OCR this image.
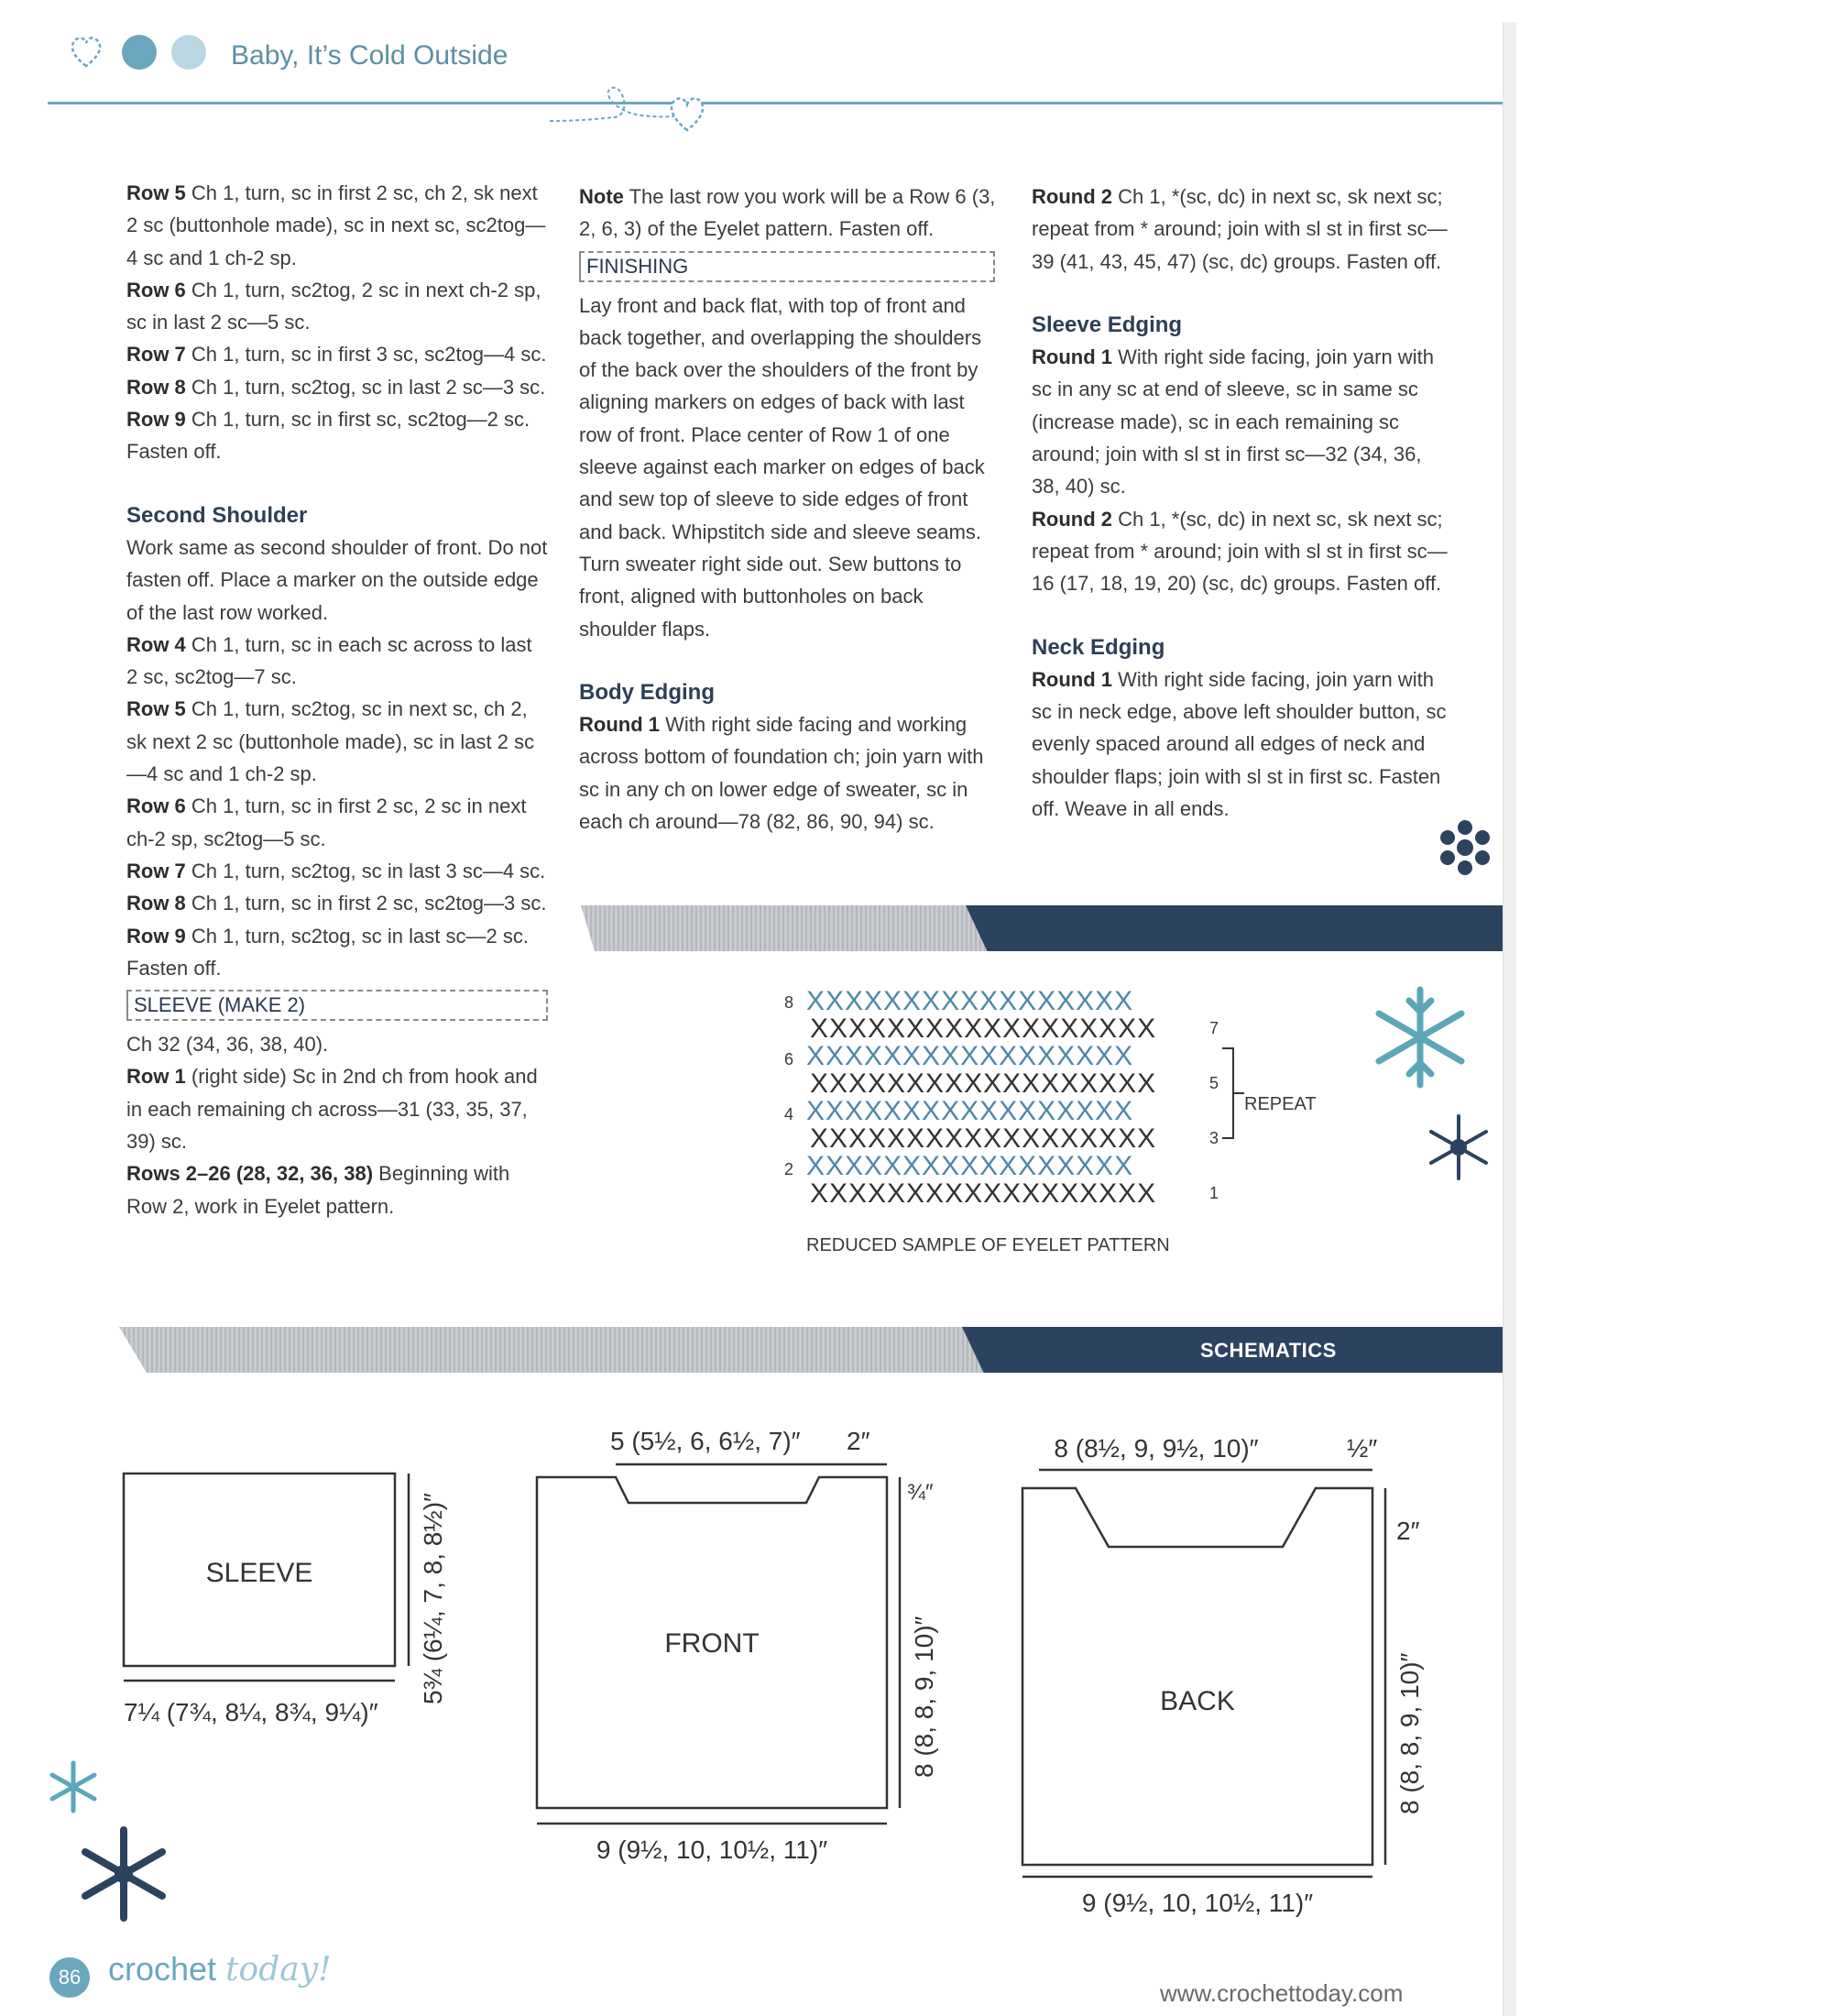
Baby, It’s Cold Outside

Row 5 Ch 1, turn, sc in first 2 sc, ch 2, sk next 2 sc (buttonhole made), sc in next sc, sc2tog—4 sc and 1 ch-2 sp.

Row 6 Ch 1, turn, sc2tog, 2 sc in next ch-2 sp, sc in last 2 sc—5 sc.

Row 7 Ch 1, turn, sc in first 3 sc, sc2tog—4 sc.

Row 8 Ch 1, turn, sc2tog, sc in last 2 sc—3 sc.

Row 9 Ch 1, turn, sc in first sc, sc2tog—2 sc. Fasten off.

Second Shoulder

Work same as second shoulder of front. Do not fasten off. Place a marker on the outside edge of the last row worked.

Row 4 Ch 1, turn, sc in each sc across to last 2 sc, sc2tog—7 sc.

Row 5 Ch 1, turn, sc2tog, sc in next sc, ch 2, sk next 2 sc (buttonhole made), sc in last 2 sc—4 sc and 1 ch-2 sp.

Row 6 Ch 1, turn, sc in first 2 sc, 2 sc in next ch-2 sp, sc2tog—5 sc.

Row 7 Ch 1, turn, sc2tog, sc in last 3 sc—4 sc.

Row 8 Ch 1, turn, sc in first 2 sc, sc2tog—3 sc.

Row 9 Ch 1, turn, sc2tog, sc in last sc—2 sc. Fasten off.

SLEEVE (MAKE 2)

Ch 32 (34, 36, 38, 40).

Row 1 (right side) Sc in 2nd ch from hook and in each remaining ch across—31 (33, 35, 37, 39) sc.

Rows 2–26 (28, 32, 36, 38) Beginning with Row 2, work in Eyelet pattern.

Note The last row you work will be a Row 6 (3, 2, 6, 3) of the Eyelet pattern. Fasten off.

FINISHING

Lay front and back flat, with top of front and back together, and overlapping the shoulders of the back over the shoulders of the front by aligning markers on edges of back with last row of front. Place center of Row 1 of one sleeve against each marker on edges of back and sew top of sleeve to side edges of front and back. Whipstitch side and sleeve seams. Turn sweater right side out. Sew buttons to front, aligned with buttonholes on back shoulder flaps.

Body Edging

Round 1 With right side facing and working across bottom of foundation ch; join yarn with sc in any ch on lower edge of sweater, sc in each ch around—78 (82, 86, 90, 94) sc.

Round 2 Ch 1, *(sc, dc) in next sc, sk next sc; repeat from * around; join with sl st in first sc—39 (41, 43, 45, 47) (sc, dc) groups. Fasten off.

Sleeve Edging

Round 1 With right side facing, join yarn with sc in any sc at end of sleeve, sc in same sc (increase made), sc in each remaining sc around; join with sl st in first sc—32 (34, 36, 38, 40) sc.

Round 2 Ch 1, *(sc, dc) in next sc, sk next sc; repeat from * around; join with sl st in first sc—16 (17, 18, 19, 20) (sc, dc) groups. Fasten off.

Neck Edging

Round 1 With right side facing, join yarn with sc in neck edge, above left shoulder button, sc evenly spaced around all edges of neck and shoulder flaps; join with sl st in first sc. Fasten off. Weave in all ends.

STITCH DIAGRAM
8 XXXXXXXXXXXXXXXXX
XXXXXXXXXXXXXXXXXX	7
6 XXXXXXXXXXXXXXXXX
XXXXXXXXXXXXXXXXXX	5
4 XXXXXXXXXXXXXXXXX
XXXXXXXXXXXXXXXXXX	3
2 XXXXXXXXXXXXXXXXX
XXXXXXXXXXXXXXXXXX	1
REPEAT
REDUCED SAMPLE OF EYELET PATTERN
SCHEMATICS
SLEEVE
7¼ (7¾, 8¼, 8¾, 9¼)″
5¾ (6¼, 7, 8, 8½)″	FRONT
5 (5½, 6, 6½, 7)″ 2″
¾″
8 (8, 8, 9, 10)″
9 (9½, 10, 10½, 11)″
BACK
8 (8½, 9, 9½, 10)″	½″
2″
8 (8, 8, 9, 10)″
9 (9½, 10, 10½, 11)″
86 crochet today!
www.crochettoday.com
